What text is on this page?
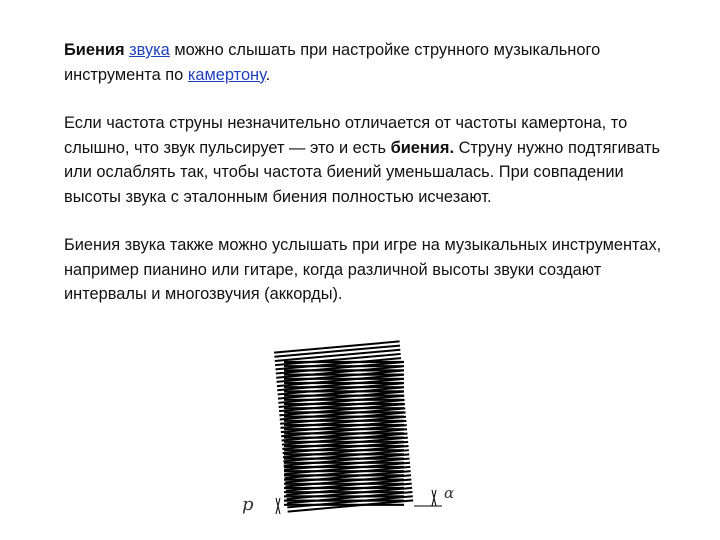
Биения звука можно слышать при настройке струнного музыкального инструмента по камертону.

Если частота струны незначительно отличается от частоты камертона, то слышно, что звук пульсирует — это и есть биения. Струну нужно подтягивать или ослаблять так, чтобы частота биений уменьшалась. При совпадении высоты звука с эталонным биения полностью исчезают.

Биения звука также можно услышать при игре на музыкальных инструментах, например пианино или гитаре, когда различной высоты звуки создают интервалы и многозвучия (аккорды).

p
α
